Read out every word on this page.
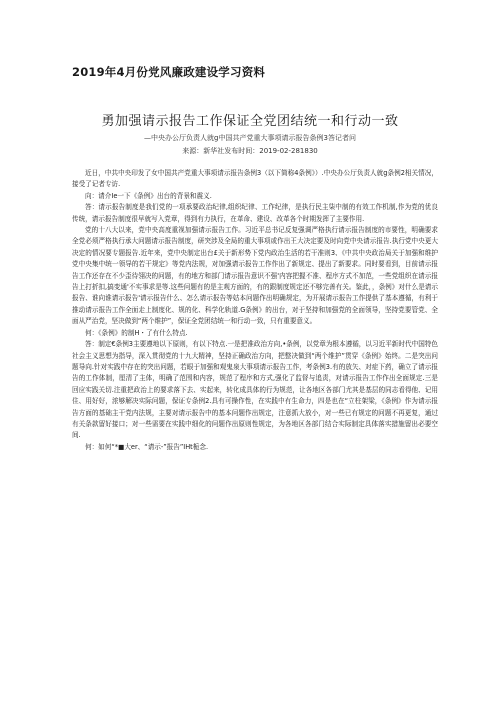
2019年4月份党风廉政建设学习资料
勇加强请示报告工作保证全党团结统一和行动一致
—中央办公厅负责人就g中国共产党重大事项请示报告条例3答记者问
来源：新华社发布时间：2019-02-281830

近日，中共中央印发了女中国共产党重大事项请示报告条例3（以下简称4条例》）.中央办公厅负责人就g条例2相关情况，接受了记者专访.

向：请介Ie一下《条例》出台的背景和震义.

答：请示报告制度是我们党的一项承要政治纪律,组织纪律、工作纪律，是执行民主柒中制的有效工作机制,作为党的优良传统，请示报告制度很早就写入党章，得到有力执行，在革命、建设、改革各个时期发挥了主要作用.

党的十八大以来，党中央高度重视加强请示报告工作。习近平总书记反复强调严格执行请示报告制度的市要性，明确要求全党必须严格执行承大问题请示报告制度，研突涉及全局的重大事项或作出王大决定要及时向党中央请示报告.执行党中央更大决定的情况要专题报告.近年来，党中央制定出台£关于新形势下党内政治生活的若干准则3、《中共中央政治局关于加强和维护党中央集中统一领导的若干规定》等党内法规，对加强请示报告工作作出了新规定、提出了新要求。同时要看到，目前请示报告工作还存在不少歪待翎决的问题，有的地方和部门请示报告意识不强'内容把握不准、程序方式不加范，一些党组织在请示报告上打折扣,搞变通'不实事求是等.这些问题有的是主观方面的，有的跟制度规定还不够完善有关。鉴此，，条例》对什么是请示报告、谁向谁请示报告'请示报告什么、怎么请示报告等姑本问题作出明确规定，为开展请示报告工作提供了基本遵循，有利于推动请示报告工作全面走上制度化、规的化、科学化轨道.G条例》的出台，对于坚持和加强党的全面领导，坚持党要管党、全面从严治党，坚决做到“两个维护”，保证全党团结统一和行动一致，只有重要意义。

何：《条例》的制H・了有什么特点.

答：制定€条例3主要遵地以下原则，有以下特点.一是把准政治方向,•条例，以党章为根本遵循，以习近平新时代中国特色社会主义思想为指导，深入贯彻党的十九大精神，坚持正确政治方向，把整决做到“两个维护”贯穿《条例》始终。二是突出问题导向.针对实践中存在的突出问题，若眼于加强和观鬼泉大事项请示报告工作，考条例3.有的放矢、对症下药，确立了请示报告的工作体制，厘清了主体，明确了范围和内容，规范了程序和方式,强化了监督与追责，对请示报告工作作出全面规定.三是回应实践关切.注重把政治上的要求落下去、实起来，转化成具体的行为规范，让各地区各部门尤其是基层的同志看得他、记用住、用好好，浓够解决实际问题，保证专条例2.具有可操作性，在实践中有生命力，四是也在“立柱架梁，《条例》作为请示报告方面的基础主干党内法规，主要对请示报告中的基本问题作出规定，注意抓大放小，对一些已有规定的问题不再更复，通过有关条款留好接口；对一些需要在实践中细化的问题作出原则性规定，为各地区各部门结合实际制定具体落实措施留出必要空间.

何：如何“*■大er、“请示-”报告”IHt栀念.
